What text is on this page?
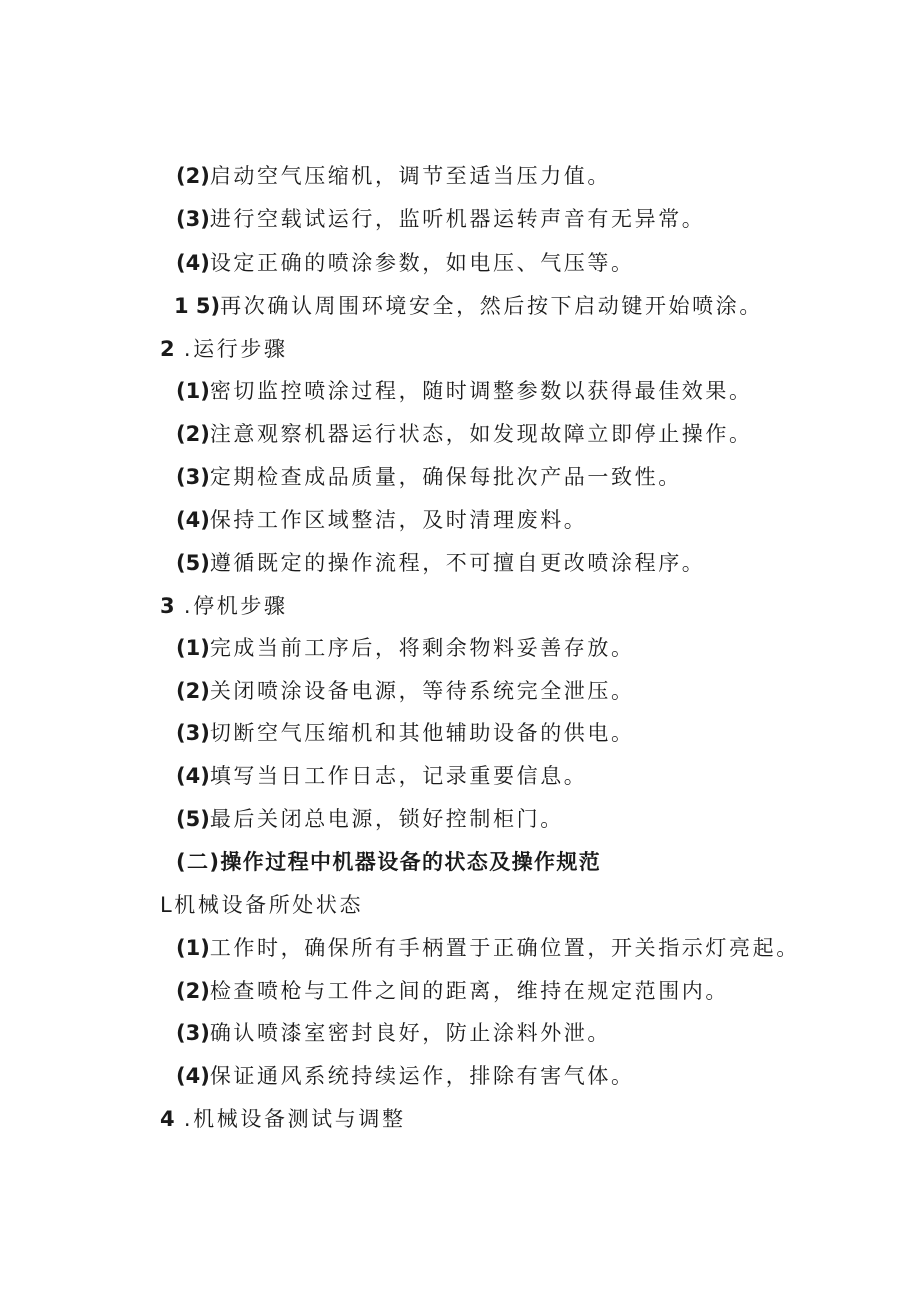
(2)启动空气压缩机，调节至适当压力值。

(3)进行空载试运行，监听机器运转声音有无异常。

(4)设定正确的喷涂参数，如电压、气压等。

1 5)再次确认周围环境安全，然后按下启动键开始喷涂。

2 .运行步骤

(1)密切监控喷涂过程，随时调整参数以获得最佳效果。

(2)注意观察机器运行状态，如发现故障立即停止操作。

(3)定期检查成品质量，确保每批次产品一致性。

(4)保持工作区域整洁，及时清理废料。

(5)遵循既定的操作流程，不可擅自更改喷涂程序。

3 .停机步骤

(1)完成当前工序后，将剩余物料妥善存放。

(2)关闭喷涂设备电源，等待系统完全泄压。

(3)切断空气压缩机和其他辅助设备的供电。

(4)填写当日工作日志，记录重要信息。

(5)最后关闭总电源，锁好控制柜门。

(二)操作过程中机器设备的状态及操作规范

L机械设备所处状态

(1)工作时，确保所有手柄置于正确位置，开关指示灯亮起。

(2)检查喷枪与工件之间的距离，维持在规定范围内。

(3)确认喷漆室密封良好，防止涂料外泄。

(4)保证通风系统持续运作，排除有害气体。

4 .机械设备测试与调整
